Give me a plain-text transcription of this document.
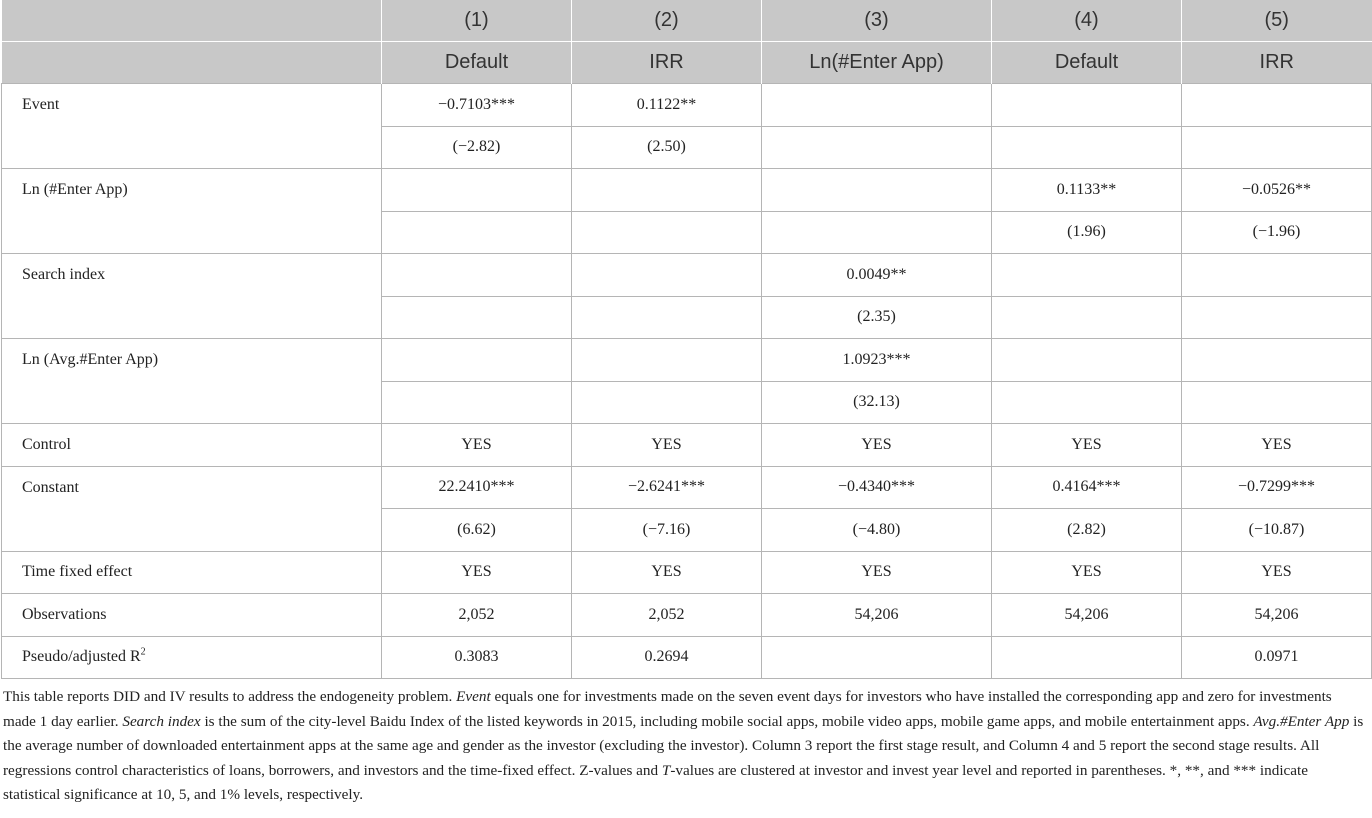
	(1)	(2)	(3)	(4)	(5)
	Default	IRR	Ln(#Enter App)	Default	IRR
Event	−0.7103***	0.1122**			
	(−2.82)	(2.50)			
Ln (#Enter App)				0.1133**	−0.0526**
				(1.96)	(−1.96)
Search index			0.0049**		
			(2.35)		
Ln (Avg.#Enter App)			1.0923***		
			(32.13)		
Control	YES	YES	YES	YES	YES
Constant	22.2410***	−2.6241***	−0.4340***	0.4164***	−0.7299***
	(6.62)	(−7.16)	(−4.80)	(2.82)	(−10.87)
Time fixed effect	YES	YES	YES	YES	YES
Observations	2,052	2,052	54,206	54,206	54,206
Pseudo/adjusted $R^2$	0.3083	0.2694			0.0971

This table reports DID and IV results to address the endogeneity problem. Event equals one for investments made on the seven event days for investors who have installed the corresponding app and zero for investments made 1 day earlier. Search index is the sum of the city-level Baidu Index of the listed keywords in 2015, including mobile social apps, mobile video apps, mobile game apps, and mobile entertainment apps. Avg.#Enter App is the average number of downloaded entertainment apps at the same age and gender as the investor (excluding the investor). Column 3 report the first stage result, and Column 4 and 5 report the second stage results. All regressions control characteristics of loans, borrowers, and investors and the time-fixed effect. Z-values and T-values are clustered at investor and invest year level and reported in parentheses. *, **, and *** indicate statistical significance at 10, 5, and 1% levels, respectively.
